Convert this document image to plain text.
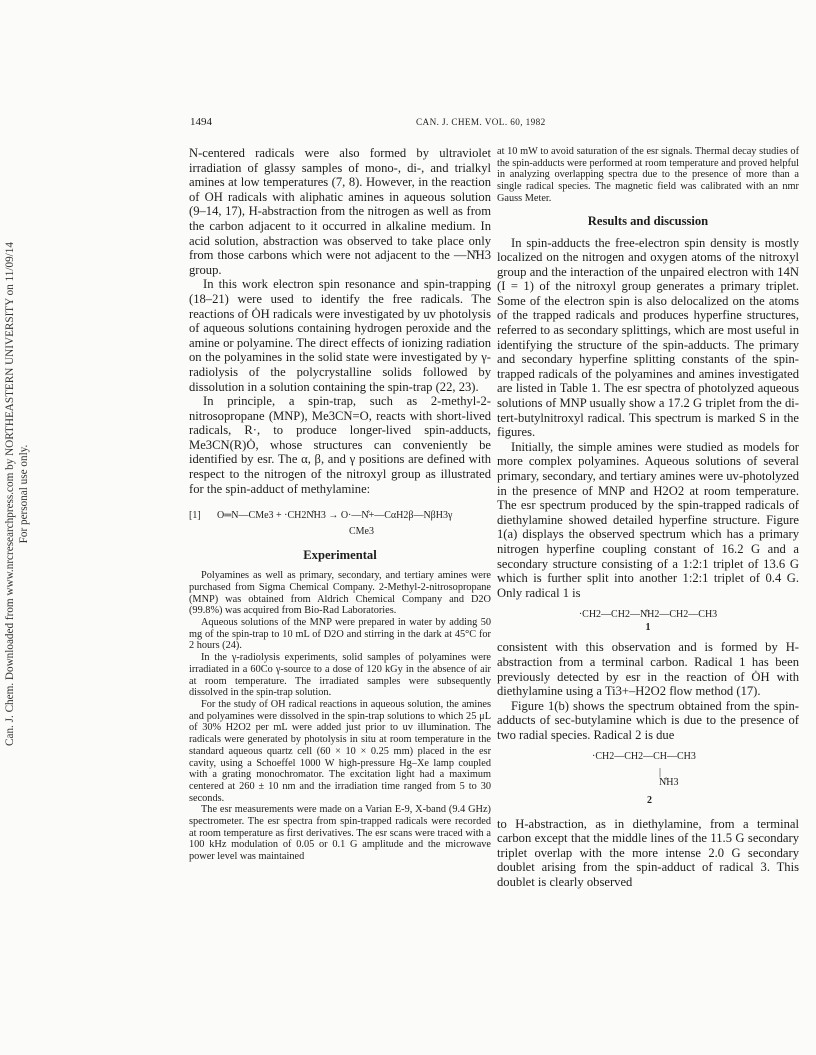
Can. J. Chem. Downloaded from www.nrcresearchpress.com by NORTHEASTERN UNIVERSITY on 11/09/14 For personal use only.
1494	CAN. J. CHEM. VOL. 60, 1982

N-centered radicals were also formed by ultraviolet irradiation of glassy samples of mono-, di-, and trialkyl amines at low temperatures (7, 8). However, in the reaction of OH radicals with aliphatic amines in aqueous solution (9–14, 17), H-abstraction from the nitrogen as well as from the carbon adjacent to it occurred in alkaline medium. In acid solution, abstraction was observed to take place only from those carbons which were not adjacent to the —N̊H3 group.

In this work electron spin resonance and spin-trapping (18–21) were used to identify the free radicals. The reactions of ȮH radicals were investigated by uv photolysis of aqueous solutions containing hydrogen peroxide and the amine or polyamine. The direct effects of ionizing radiation on the polyamines in the solid state were investigated by γ-radiolysis of the polycrystalline solids followed by dissolution in a solution containing the spin-trap (22, 23).

In principle, a spin-trap, such as 2-methyl-2-nitrosopropane (MNP), Me3CN=O, reacts with short-lived radicals, R·, to produce longer-lived spin-adducts, Me3CN(R)Ȯ, whose structures can conveniently be identified by esr. The α, β, and γ positions are defined with respect to the nitrogen of the nitroxyl group as illustrated for the spin-adduct of methylamine:

[1] O═N—CMe3 + ·CH2N̊H3 → O·—N̊+—CαH2β—NβH3γ
CMe3
Experimental

Polyamines as well as primary, secondary, and tertiary amines were purchased from Sigma Chemical Company. 2-Methyl-2-nitrosopropane (MNP) was obtained from Aldrich Chemical Company and D2O (99.8%) was acquired from Bio-Rad Laboratories.

Aqueous solutions of the MNP were prepared in water by adding 50 mg of the spin-trap to 10 mL of D2O and stirring in the dark at 45°C for 2 hours (24).

In the γ-radiolysis experiments, solid samples of polyamines were irradiated in a 60Co γ-source to a dose of 120 kGy in the absence of air at room temperature. The irradiated samples were subsequently dissolved in the spin-trap solution.

For the study of OH radical reactions in aqueous solution, the amines and polyamines were dissolved in the spin-trap solutions to which 25 μL of 30% H2O2 per mL were added just prior to uv illumination. The radicals were generated by photolysis in situ at room temperature in the standard aqueous quartz cell (60 × 10 × 0.25 mm) placed in the esr cavity, using a Schoeffel 1000 W high-pressure Hg–Xe lamp coupled with a grating monochromator. The excitation light had a maximum centered at 260 ± 10 nm and the irradiation time ranged from 5 to 30 seconds.

The esr measurements were made on a Varian E-9, X-band (9.4 GHz) spectrometer. The esr spectra from spin-trapped radicals were recorded at room temperature as first derivatives. The esr scans were traced with a 100 kHz modulation of 0.05 or 0.1 G amplitude and the microwave power level was maintained

at 10 mW to avoid saturation of the esr signals. Thermal decay studies of the spin-adducts were performed at room temperature and proved helpful in analyzing overlapping spectra due to the presence of more than a single radical species. The magnetic field was calibrated with an nmr Gauss Meter.

Results and discussion

In spin-adducts the free-electron spin density is mostly localized on the nitrogen and oxygen atoms of the nitroxyl group and the interaction of the unpaired electron with 14N (I = 1) of the nitroxyl group generates a primary triplet. Some of the electron spin is also delocalized on the atoms of the trapped radicals and produces hyperfine structures, referred to as secondary splittings, which are most useful in identifying the structure of the spin-adducts. The primary and secondary hyperfine splitting constants of the spin-trapped radicals of the polyamines and amines investigated are listed in Table 1. The esr spectra of photolyzed aqueous solutions of MNP usually show a 17.2 G triplet from the di-tert-butylnitroxyl radical. This spectrum is marked S in the figures.

Initially, the simple amines were studied as models for more complex polyamines. Aqueous solutions of several primary, secondary, and tertiary amines were uv-photolyzed in the presence of MNP and H2O2 at room temperature. The esr spectrum produced by the spin-trapped radicals of diethylamine showed detailed hyperfine structure. Figure 1(a) displays the observed spectrum which has a primary nitrogen hyperfine coupling constant of 16.2 G and a secondary structure consisting of a 1:2:1 triplet of 13.6 G which is further split into another 1:2:1 triplet of 0.4 G. Only radical 1 is

·CH2—CH2—N̊H2—CH2—CH3
1

consistent with this observation and is formed by H-abstraction from a terminal carbon. Radical 1 has been previously detected by esr in the reaction of ȮH with diethylamine using a Ti3+–H2O2 flow method (17).

Figure 1(b) shows the spectrum obtained from the spin-adducts of sec-butylamine which is due to the presence of two radial species. Radical 2 is due

·CH2—CH2—CH—CH3
|
N̊H3
2

to H-abstraction, as in diethylamine, from a terminal carbon except that the middle lines of the 11.5 G secondary triplet overlap with the more intense 2.0 G secondary doublet arising from the spin-adduct of radical 3. This doublet is clearly observed
